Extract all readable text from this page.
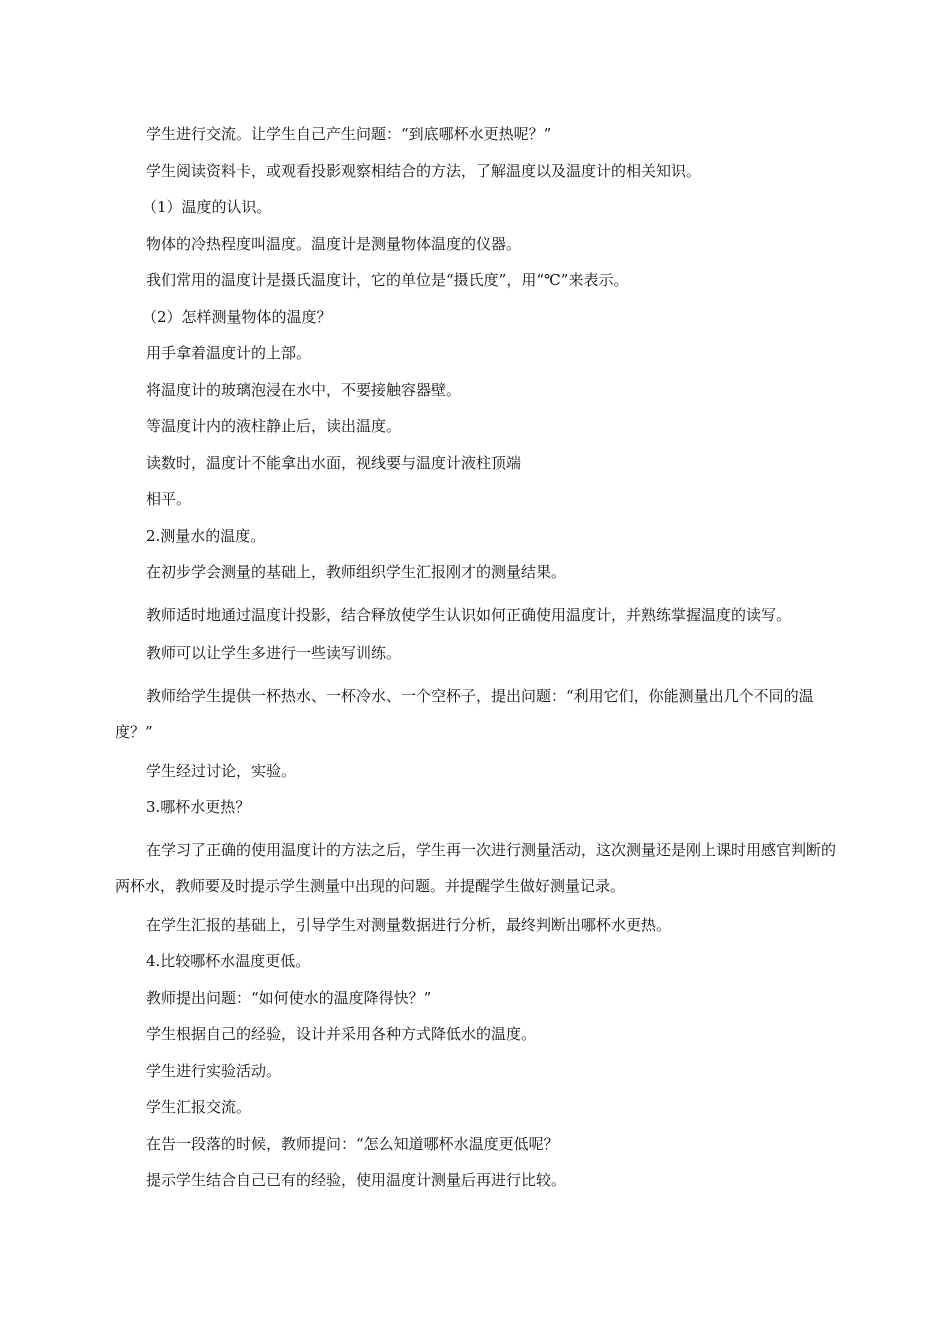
学生进行交流。让学生自己产生问题：“到底哪杯水更热呢？”

学生阅读资料卡，或观看投影观察相结合的方法，了解温度以及温度计的相关知识。

（1）温度的认识。

物体的冷热程度叫温度。温度计是测量物体温度的仪器。

我们常用的温度计是摄氏温度计，它的单位是“摄氏度”，用“℃”来表示。

（2）怎样测量物体的温度？

用手拿着温度计的上部。

将温度计的玻璃泡浸在水中，不要接触容器壁。

等温度计内的液柱静止后，读出温度。

读数时，温度计不能拿出水面，视线要与温度计液柱顶端

相平。

2.测量水的温度。

在初步学会测量的基础上，教师组织学生汇报刚才的测量结果。

教师适时地通过温度计投影，结合释放使学生认识如何正确使用温度计，并熟练掌握温度的读写。

教师可以让学生多进行一些读写训练。

教师给学生提供一杯热水、一杯冷水、一个空杯子，提出问题：“利用它们，你能测量出几个不同的温度？”

学生经过讨论，实验。

3.哪杯水更热？

在学习了正确的使用温度计的方法之后，学生再一次进行测量活动，这次测量还是刚上课时用感官判断的两杯水，教师要及时提示学生测量中出现的问题。并提醒学生做好测量记录。

在学生汇报的基础上，引导学生对测量数据进行分析，最终判断出哪杯水更热。

4.比较哪杯水温度更低。

教师提出问题：“如何使水的温度降得快？”

学生根据自己的经验，设计并采用各种方式降低水的温度。

学生进行实验活动。

学生汇报交流。

在告一段落的时候，教师提问：“怎么知道哪杯水温度更低呢？

提示学生结合自己已有的经验，使用温度计测量后再进行比较。
